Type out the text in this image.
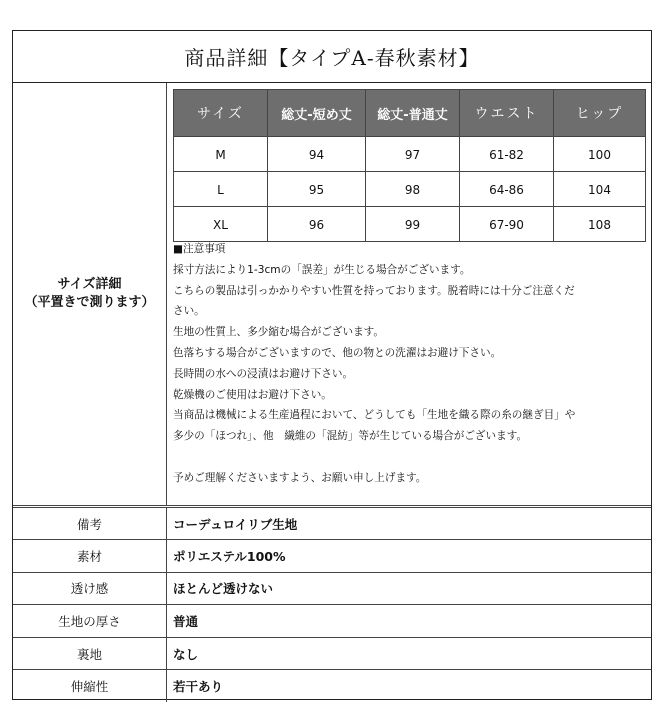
商品詳細【タイプA-春秋素材】
サイズ詳細
（平置きで測ります）
サイズ	総丈-短め丈	総丈-普通丈	ウエスト	ヒップ
M	94	97	61-82	100
L	95	98	64-86	104
XL	96	99	67-90	108

■注意事項

採寸方法により1-3cmの「誤差」が生じる場合がございます。

こちらの製品は引っかかりやすい性質を持っております。脱着時には十分ご注意くだ

さい。

生地の性質上、多少縮む場合がございます。

色落ちする場合がございますので、他の物との洗濯はお避け下さい。

長時間の水への浸漬はお避け下さい。

乾燥機のご使用はお避け下さい。

当商品は機械による生産過程において、どうしても「生地を織る際の糸の継ぎ目」や

多少の「ほつれ」、他　繊維の「混紡」等が生じている場合がございます。

予めご理解くださいますよう、お願い申し上げます。

備考	コーデュロイリブ生地
素材	ポリエステル100%
透け感	ほとんど透けない
生地の厚さ	普通
裏地	なし
伸縮性	若干あり
